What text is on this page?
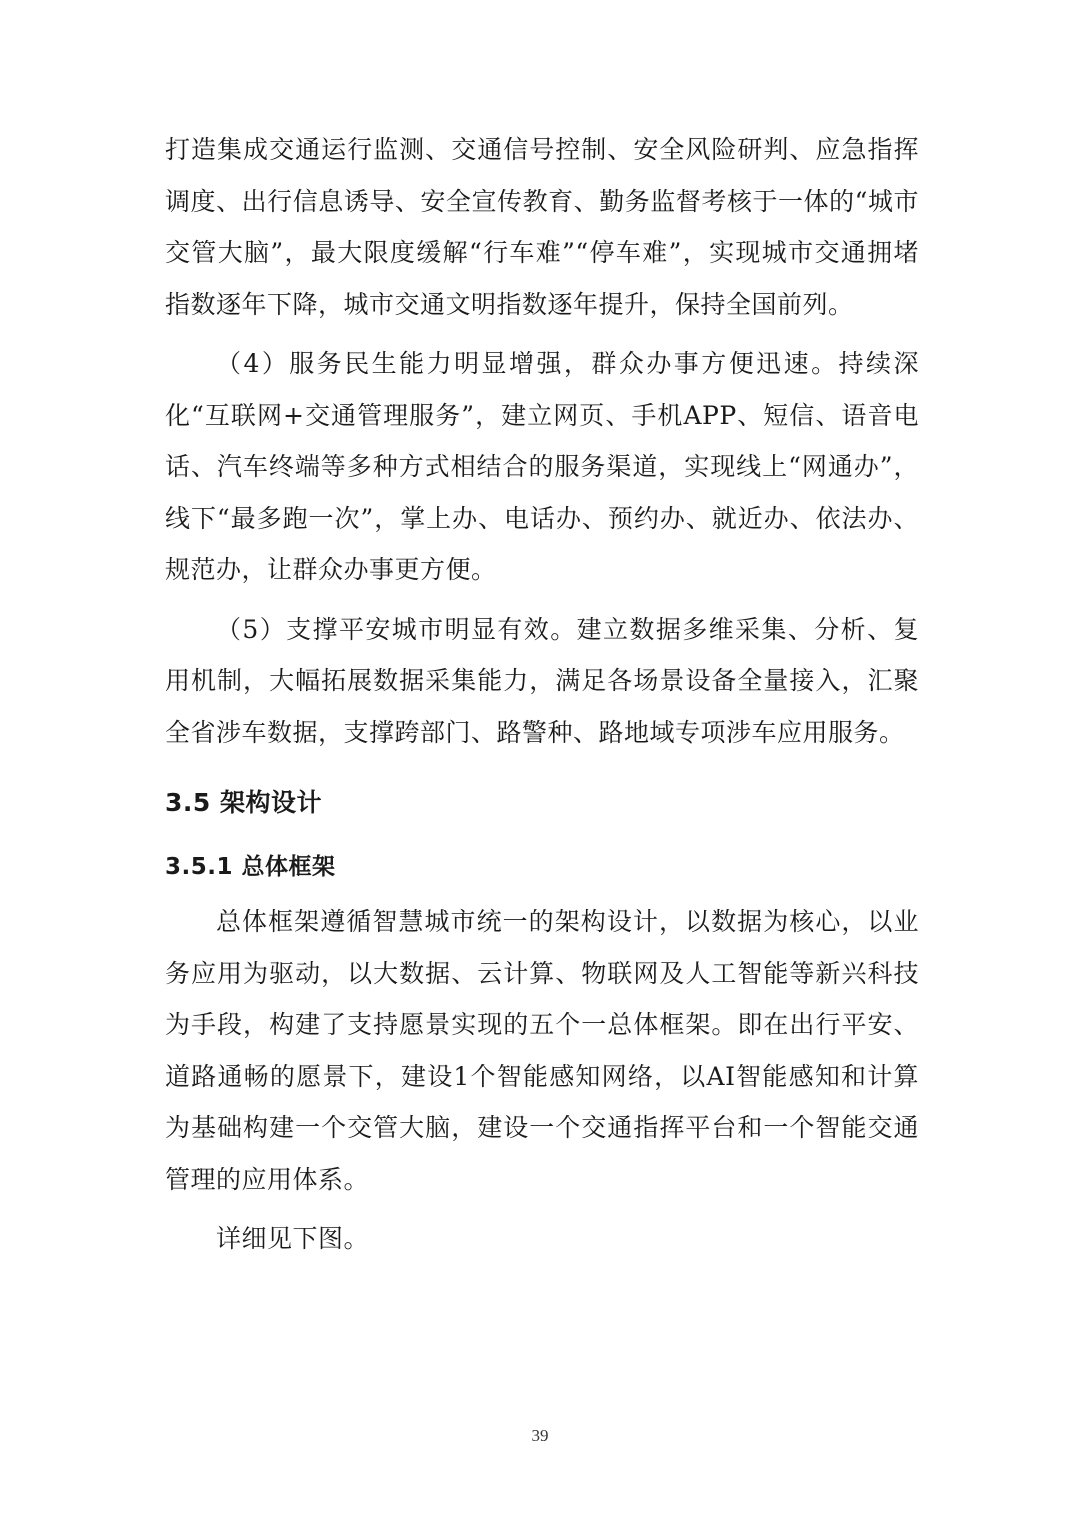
打造集成交通运行监测、交通信号控制、安全风险研判、应急指挥调度、出行信息诱导、安全宣传教育、勤务监督考核于一体的“城市交管大脑”，最大限度缓解“行车难”“停车难”，实现城市交通拥堵指数逐年下降，城市交通文明指数逐年提升，保持全国前列。

（4）服务民生能力明显增强，群众办事方便迅速。持续深化“互联网+交通管理服务”，建立网页、手机APP、短信、语音电话、汽车终端等多种方式相结合的服务渠道，实现线上“网通办”，线下“最多跑一次”，掌上办、电话办、预约办、就近办、依法办、规范办，让群众办事更方便。

（5）支撑平安城市明显有效。建立数据多维采集、分析、复用机制，大幅拓展数据采集能力，满足各场景设备全量接入，汇聚全省涉车数据，支撑跨部门、路警种、路地域专项涉车应用服务。

3.5 架构设计
3.5.1 总体框架

总体框架遵循智慧城市统一的架构设计，以数据为核心，以业务应用为驱动，以大数据、云计算、物联网及人工智能等新兴科技为手段，构建了支持愿景实现的五个一总体框架。即在出行平安、道路通畅的愿景下，建设1个智能感知网络，以AI智能感知和计算为基础构建一个交管大脑，建设一个交通指挥平台和一个智能交通管理的应用体系。

详细见下图。

39
